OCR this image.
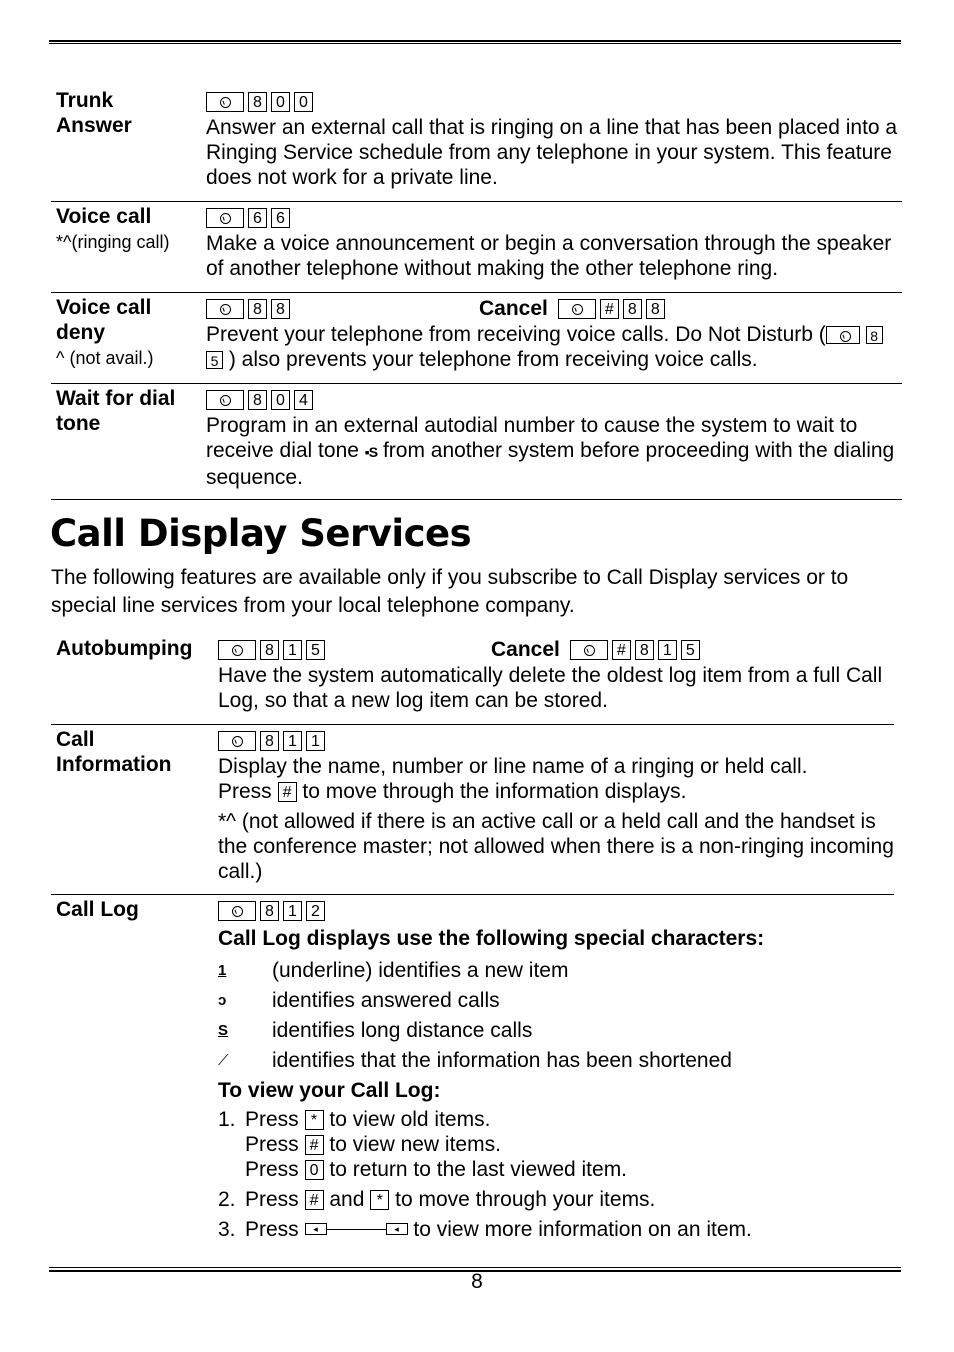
Trunk
Answer
8 0 0

Answer an external call that is ringing on a line that has been placed into a Ringing Service schedule from any telephone in your system. This feature does not work for a private line.

Voice call
*^(ringing call)
6 6

Make a voice announcement or begin a conversation through the speaker of another telephone without making the other telephone ring.

Voice call
deny
^ (not avail.)
8 8	Cancel	# 8 8

Prevent your telephone from receiving voice calls. Do Not Disturb (	8 5 ) also prevents your telephone from receiving voice calls.

Wait for dial
tone
8 0 4

Program in an external autodial number to cause the system to wait to receive dial tone ▪S from another system before proceeding with the dialing sequence.

Call Display Services
The following features are available only if you subscribe to Call Display services or to special line services from your local telephone company.
Autobumping	8 1 5	Cancel	# 8 1 5

Have the system automatically delete the oldest log item from a full Call Log, so that a new log item can be stored.

Call
Information
8 1 1

Display the name, number or line name of a ringing or held call.

Press # to move through the information displays.

*^ (not allowed if there is an active call or a held call and the handset is the conference master; not allowed when there is a non-ringing incoming call.)

Call Log	8 1 2

Call Log displays use the following special characters:

1	(underline) identifies a new item
ↄ	identifies answered calls
S	identifies long distance calls
⟋	identifies that the information has been shortened

To view your Call Log:

1. Press * to view old items.
Press # to view new items.
Press 0 to return to the last viewed item.
2. Press # and * to move through your items.
3. Press	◂	◂ to view more information on an item.
8
